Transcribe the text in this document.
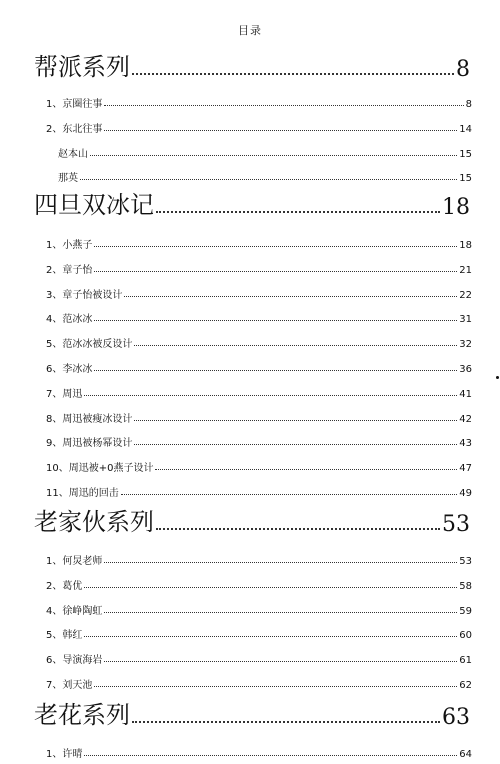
目录
帮派系列	8
1、京圈往事	8
2、东北往事	14
赵本山	15
那英	15
四旦双冰记	18
1、小燕子	18
2、章子怡	21
3、章子怡被设计	22
4、范冰冰	31
5、范冰冰被反设计	32
6、李冰冰	36
7、周迅	41
8、周迅被瘦冰设计	42
9、周迅被杨幂设计	43
10、周迅被+0燕子设计	47
11、周迅的回击	49
老家伙系列	53
1、何炅老师	53
2、葛优	58
4、徐峥陶虹	59
5、韩红	60
6、导演海岩	61
7、刘天池	62
老花系列	63
1、许晴	64
